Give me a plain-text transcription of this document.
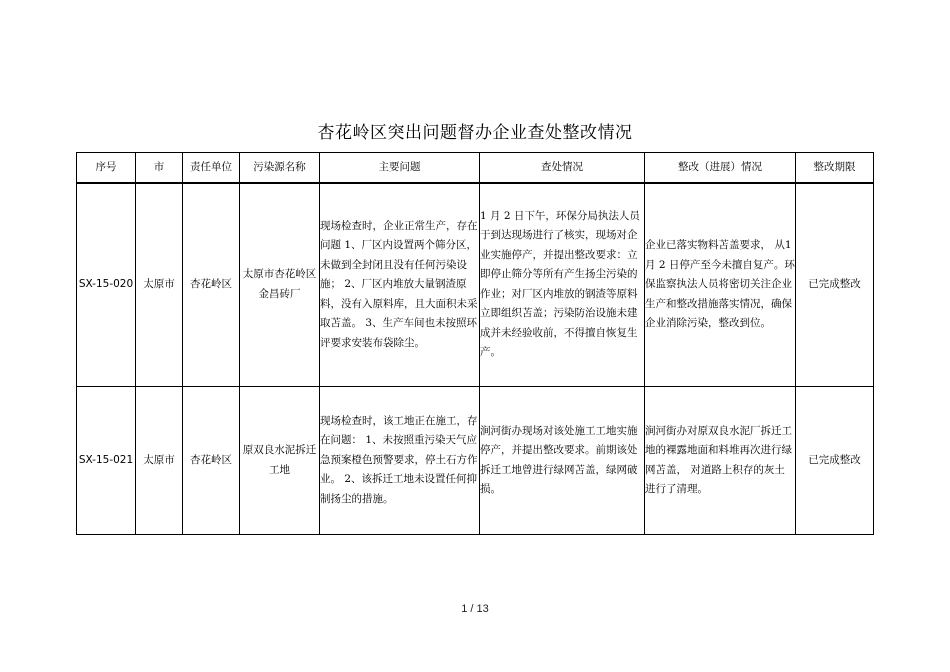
杏花岭区突出问题督办企业查处整改情况
序号	市	责任单位	污染源名称	主要问题	查处情况	整改（进展）情况	整改期限
SX-15-020	太原市	杏花岭区	太原市杏花岭区金昌砖厂	现场检查时，企业正常生产，存在问题 1、厂区内设置两个筛分区，未做到全封闭且没有任何污染设施； 2、厂区内堆放大量钢渣原料，没有入原料库，且大面积未采取苫盖。 3、生产车间也未按照环评要求安装布袋除尘。	1 月 2 日下午，环保分局执法人员于到达现场进行了核实，现场对企业实施停产，并提出整改要求：立即停止筛分等所有产生扬尘污染的作业；对厂区内堆放的钢渣等原料立即组织苫盖；污染防治设施未建成并未经验收前，不得擅自恢复生产。	企业已落实物料苫盖要求， 从1 月 2 日停产至今未擅自复产。环保监察执法人员将密切关注企业生产和整改措施落实情况，确保企业消除污染，整改到位。	已完成整改
SX-15-021	太原市	杏花岭区	原双良水泥拆迁工地	现场检查时，该工地正在施工，存在问题： 1、未按照重污染天气应急预案橙色预警要求，停土石方作业。 2、该拆迁工地未设置任何抑制扬尘的措施。	涧河街办现场对该处施工工地实施停产，并提出整改要求。前期该处拆迁工地曾进行绿网苫盖，绿网破损。	涧河街办对原双良水泥厂拆迁工地的裸露地面和料堆再次进行绿网苫盖， 对道路上积存的灰土进行了清理。	已完成整改
1 / 13
